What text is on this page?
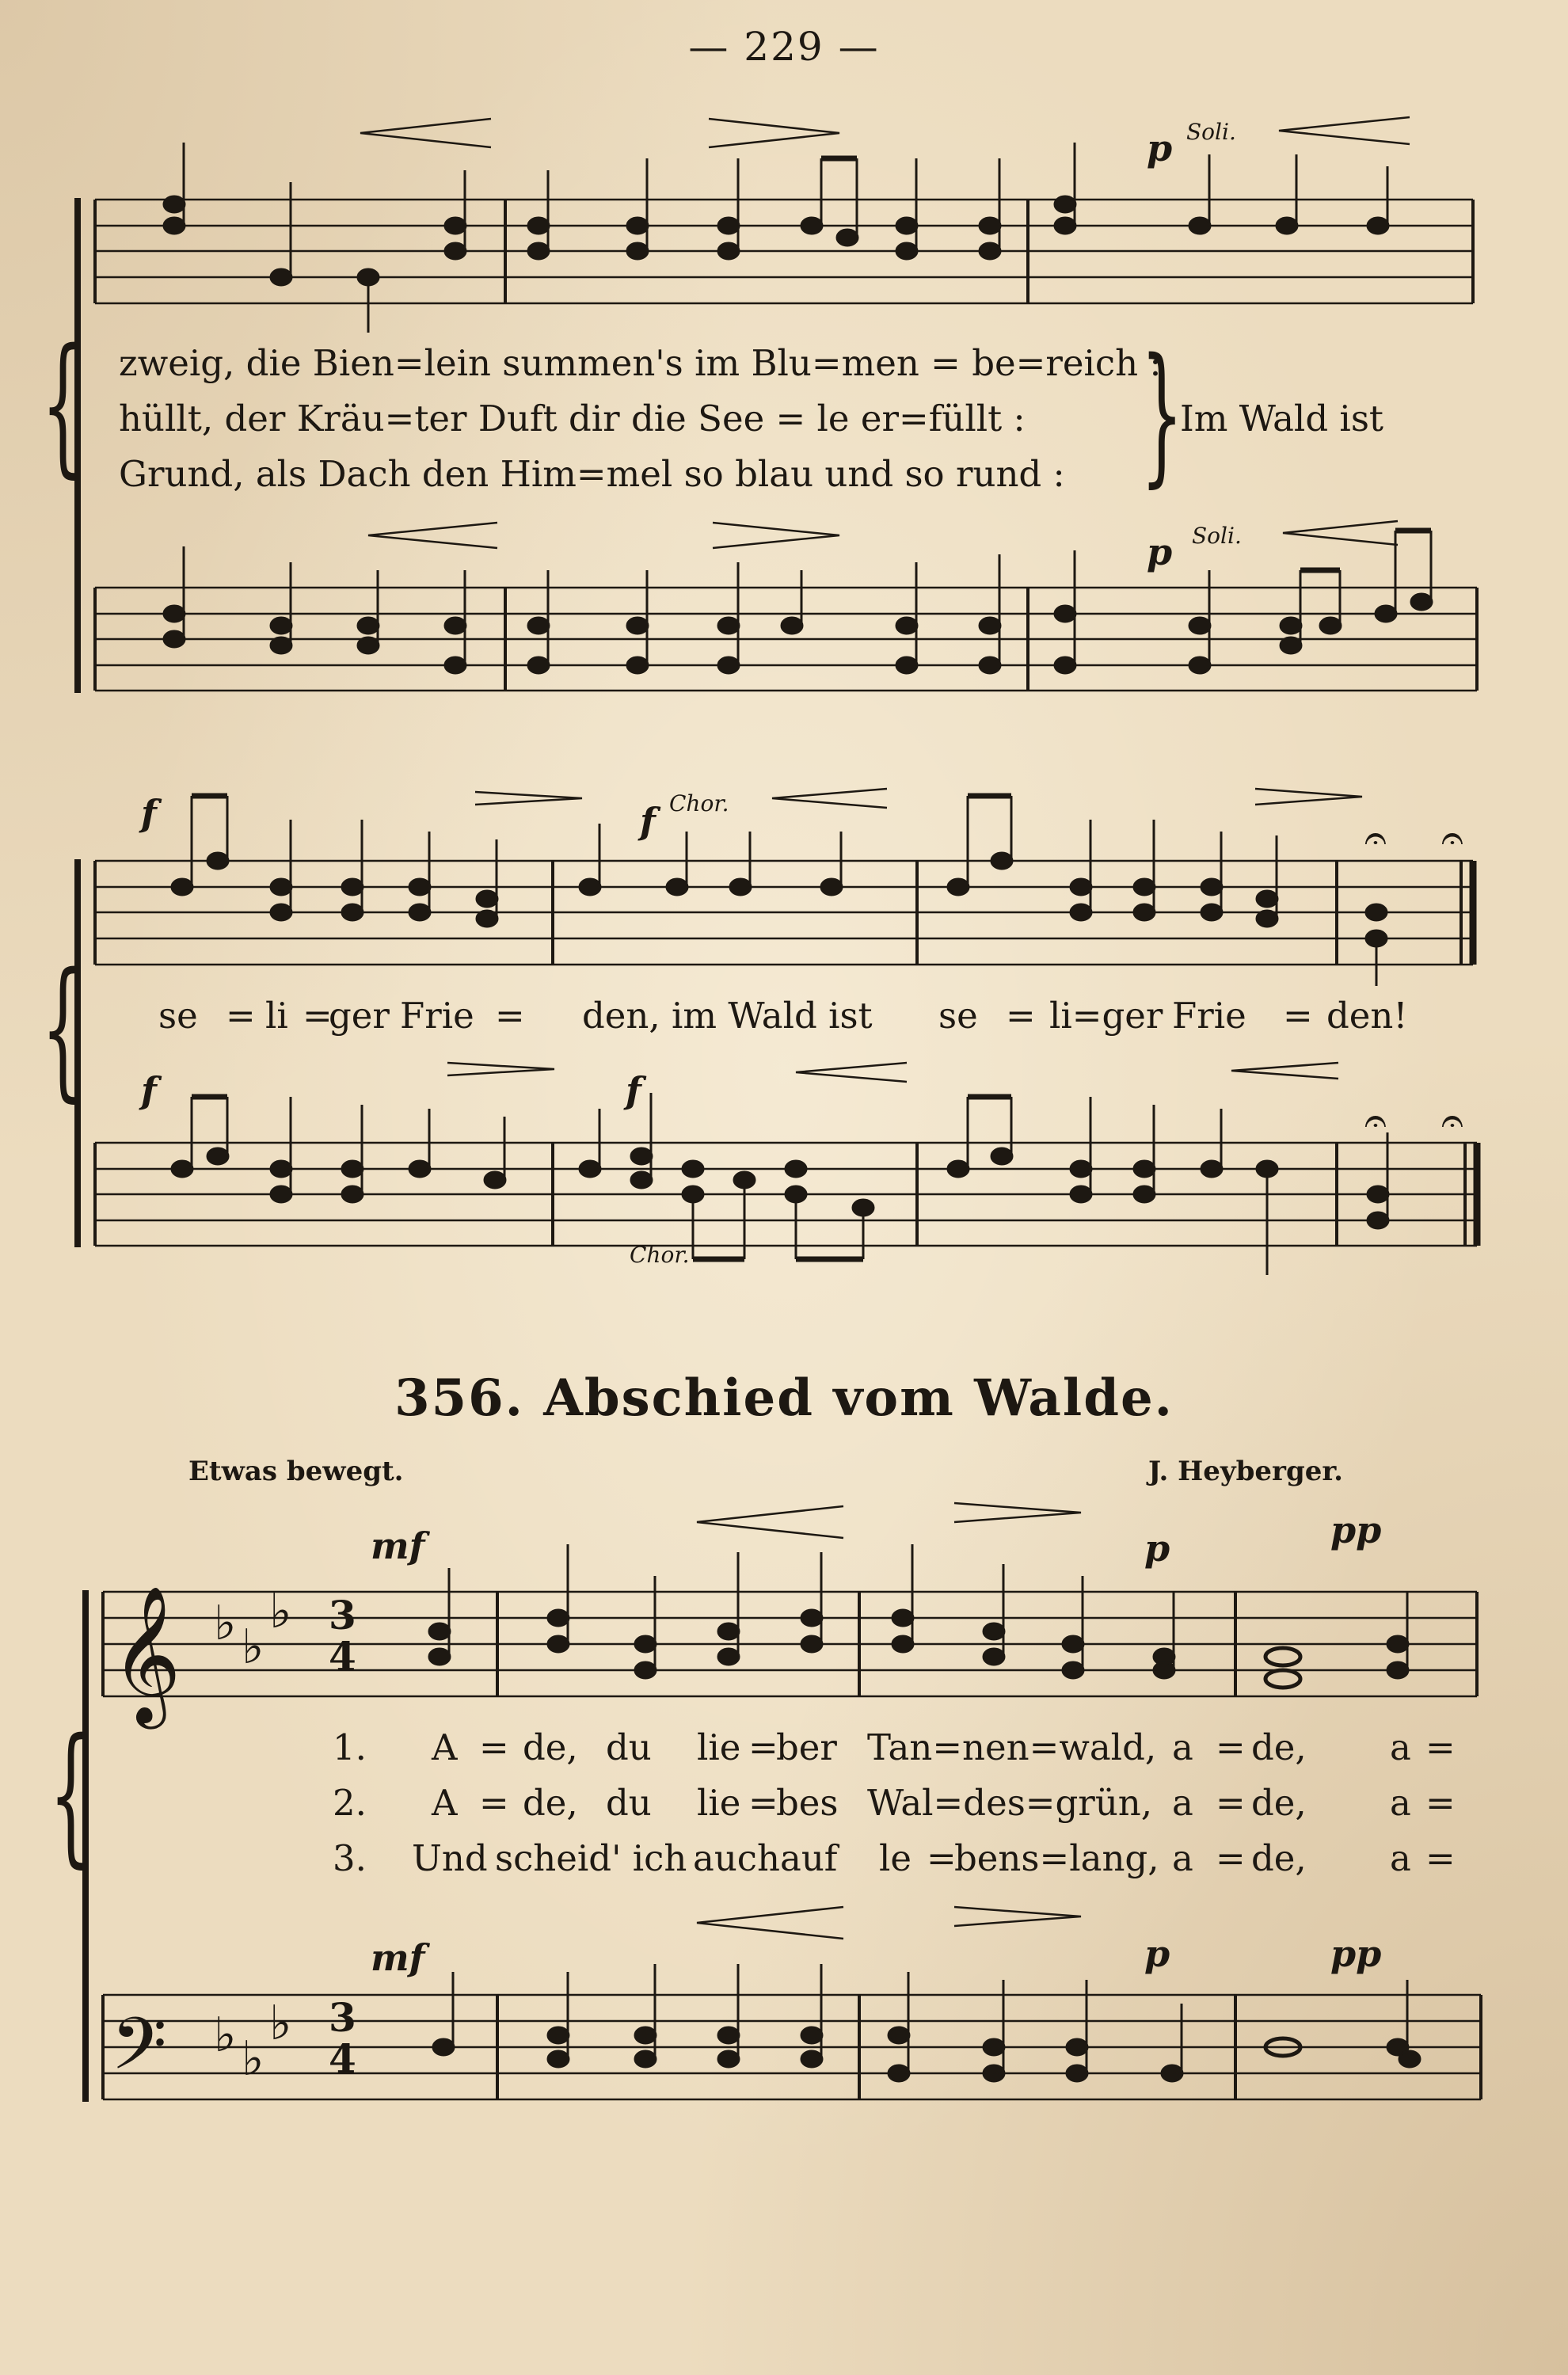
— 229 —
𝄞 ♭ ♭
♭
𝄢 ♭ ♭
♭
𝄐 𝄐
𝄐 𝄐
3
4
3
4
p Soli.
p Soli.
zweig, die Bien=lein summen's im Blu=men = be=reich :
hüllt, der Kräu=ter Duft dir die See = le er=füllt :
Grund, als Dach den Him=mel so blau und so rund : }
Im Wald ist
{
f	f Chor.
f	f
Chor.
se = li =
ger Frie = den, im Wald ist se = li=ger Frie = den!
{
356. Abschied vom Walde.
Etwas bewegt.	J. Heyberger.
mf	p	pp
mf	p	pp
1. A = de, du lie =
ber Tan=nen=wald, a = de, a =
2. A = de, du lie =
bes Wal=des=grün, a = de, a =
3. Und scheid' ich auch auf le =
bens=lang, a = de, a =
{
